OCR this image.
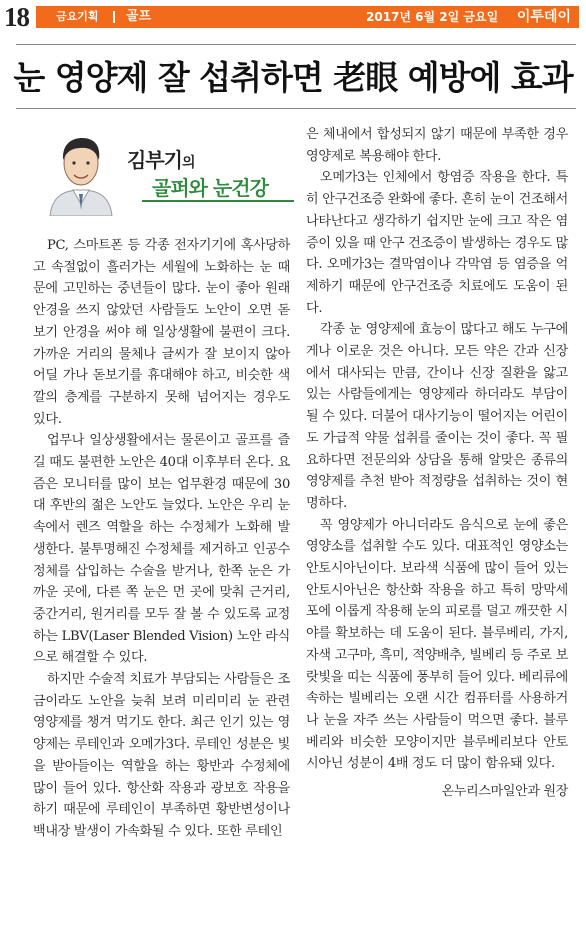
18 금요기획 골프	2017년 6월 2일 금요일 이투데이
눈 영양제 잘 섭취하면 老眼 예방에 효과
김부기의
골퍼와 눈건강

PC, 스마트폰 등 각종 전자기기에 혹사당하고 속절없이 흘러가는 세월에 노화하는 눈 때문에 고민하는 중년들이 많다. 눈이 좋아 원래 안경을 쓰지 않았던 사람들도 노안이 오면 돋보기 안경을 써야 해 일상생활에 불편이 크다. 가까운 거리의 물체나 글씨가 잘 보이지 않아 어딜 가나 돋보기를 휴대해야 하고, 비슷한 색깔의 층계를 구분하지 못해 넘어지는 경우도 있다.

업무나 일상생활에서는 물론이고 골프를 즐길 때도 불편한 노안은 40대 이후부터 온다. 요즘은 모니터를 많이 보는 업무환경 때문에 30대 후반의 젊은 노안도 늘었다. 노안은 우리 눈 속에서 렌즈 역할을 하는 수정체가 노화해 발생한다. 불투명해진 수정체를 제거하고 인공수정체를 삽입하는 수술을 받거나, 한쪽 눈은 가까운 곳에, 다른 쪽 눈은 먼 곳에 맞춰 근거리, 중간거리, 원거리를 모두 잘 볼 수 있도록 교정하는 LBV(Laser Blended Vision) 노안 라식으로 해결할 수 있다.

하지만 수술적 치료가 부담되는 사람들은 조금이라도 노안을 늦춰 보려 미리미리 눈 관련 영양제를 챙겨 먹기도 한다. 최근 인기 있는 영양제는 루테인과 오메가3다. 루테인 성분은 빛을 받아들이는 역할을 하는 황반과 수정체에 많이 들어 있다. 항산화 작용과 광보호 작용을 하기 때문에 루테인이 부족하면 황반변성이나 백내장 발생이 가속화될 수 있다. 또한 루테인

은 체내에서 합성되지 않기 때문에 부족한 경우 영양제로 복용해야 한다.

오메가3는 인체에서 항염증 작용을 한다. 특히 안구건조증 완화에 좋다. 흔히 눈이 건조해서 나타난다고 생각하기 쉽지만 눈에 크고 작은 염증이 있을 때 안구 건조증이 발생하는 경우도 많다. 오메가3는 결막염이나 각막염 등 염증을 억제하기 때문에 안구건조증 치료에도 도움이 된다.

각종 눈 영양제에 효능이 많다고 해도 누구에게나 이로운 것은 아니다. 모든 약은 간과 신장에서 대사되는 만큼, 간이나 신장 질환을 앓고 있는 사람들에게는 영양제라 하더라도 부담이 될 수 있다. 더불어 대사기능이 떨어지는 어린이도 가급적 약물 섭취를 줄이는 것이 좋다. 꼭 필요하다면 전문의와 상담을 통해 알맞은 종류의 영양제를 추천 받아 적정량을 섭취하는 것이 현명하다.

꼭 영양제가 아니더라도 음식으로 눈에 좋은 영양소를 섭취할 수도 있다. 대표적인 영양소는 안토시아닌이다. 보라색 식품에 많이 들어 있는 안토시아닌은 항산화 작용을 하고 특히 망막세포에 이롭게 작용해 눈의 피로를 덜고 깨끗한 시야를 확보하는 데 도움이 된다. 블루베리, 가지, 자색 고구마, 흑미, 적양배추, 빌베리 등 주로 보랏빛을 띠는 식품에 풍부히 들어 있다. 베리류에 속하는 빌베리는 오랜 시간 컴퓨터를 사용하거나 눈을 자주 쓰는 사람들이 먹으면 좋다. 블루베리와 비슷한 모양이지만 블루베리보다 안토시아닌 성분이 4배 정도 더 많이 함유돼 있다.

온누리스마일안과 원장
